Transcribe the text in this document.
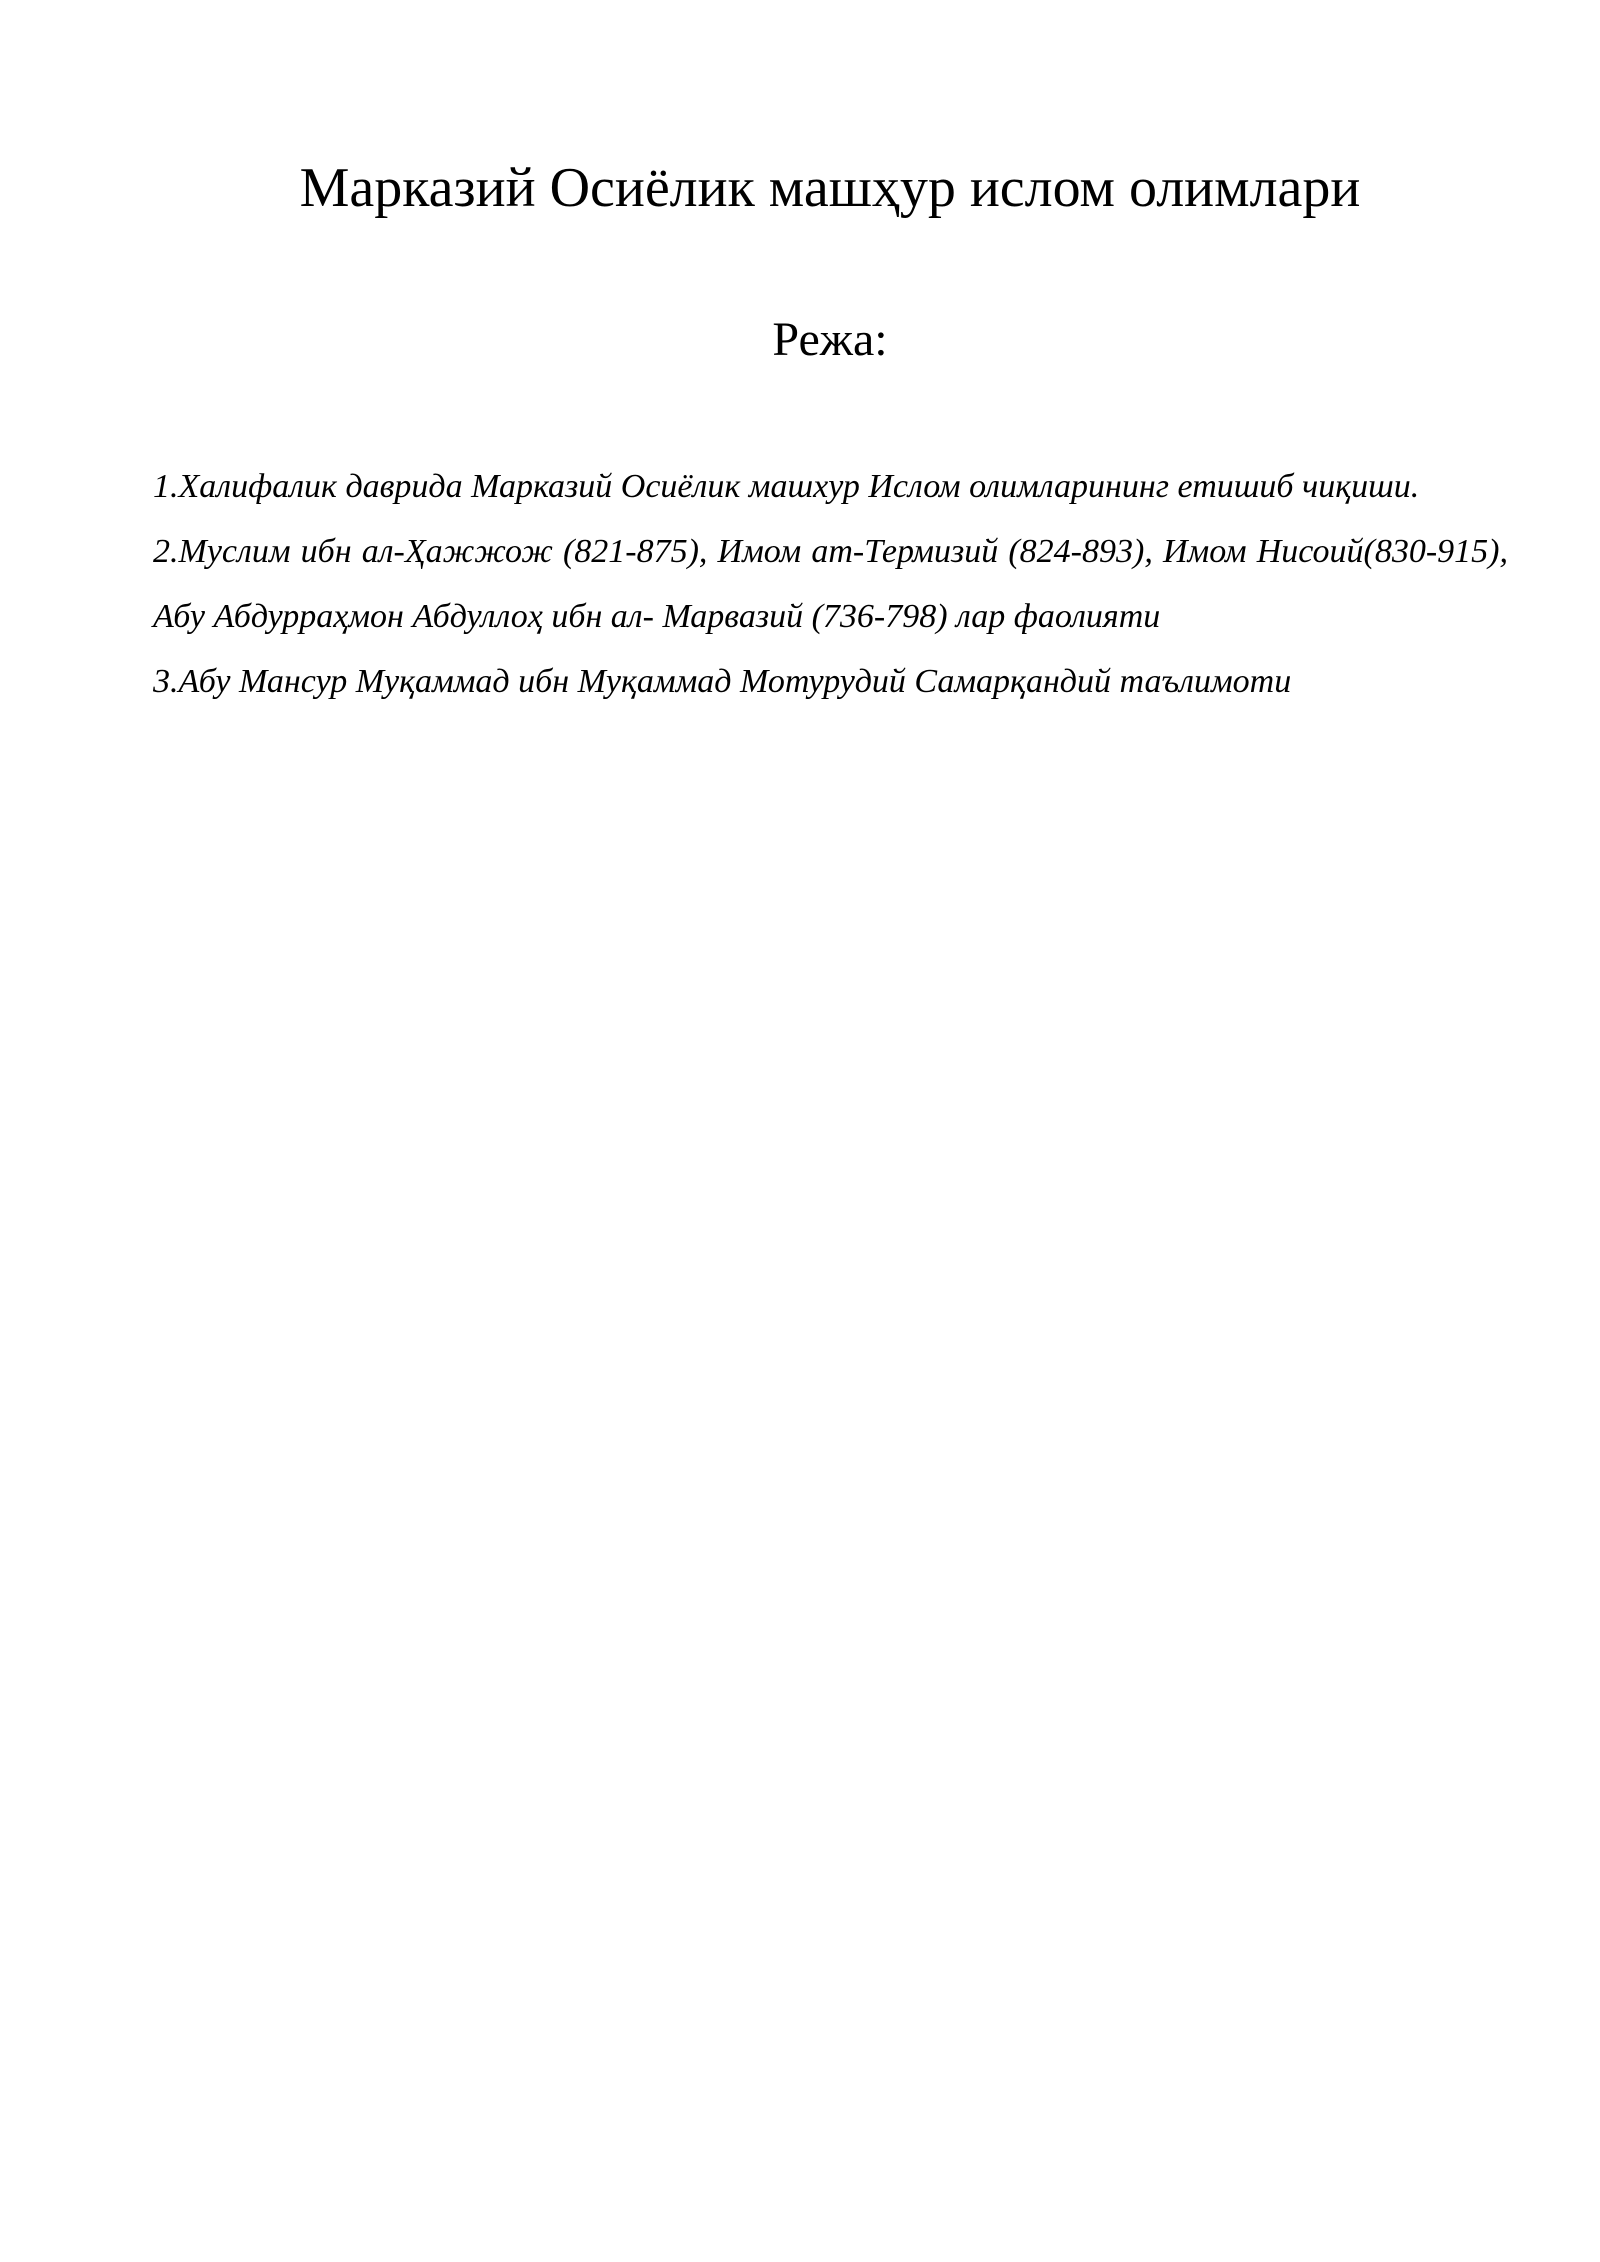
Марказий Осиёлик машҳур ислом олимлари
Режа:
1.Халифалик даврида Марказий Осиёлик машхур Ислом олимларининг етишиб чиқиши.
2.Муслим ибн ал-Ҳажжож (821-875), Имом ат-Термизий (824-893), Имом Нисоий(830-915), Абу Абдурраҳмон Абдуллоҳ ибн ал- Марвазий (736-798) лар фаолияти
3.Абу Мансур Муқаммад ибн Муқаммад Мотурудий Самарқандий таълимоти
